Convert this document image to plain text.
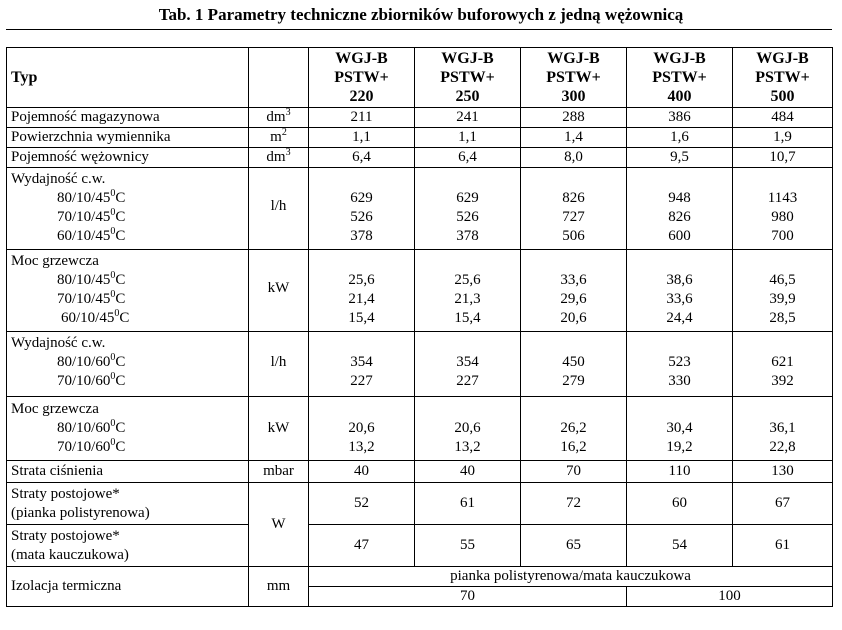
Tab. 1 Parametry techniczne zbiorników buforowych z jedną wężownicą
Typ		WGJ-B
PSTW+
220	WGJ-B
PSTW+
250	WGJ-B
PSTW+
300	WGJ-B
PSTW+
400	WGJ-B
PSTW+
500

Pojemność magazynowa	$dm^3$	211	241	288	386	484
Powierzchnia wymiennika	$m^2$	1,1	1,1	1,4	1,6	1,9
Pojemność wężownicy	$dm^3$	6,4	6,4	8,0	9,5	10,7

Wydajność c.w.
$80/10/45^0C$
$70/10/45^0C$
$60/10/45^0C$	l/h	629
526
378	629
526
378	826
727
506	948
826
600	1143
980
700

Moc grzewcza
$80/10/45^0C$
$70/10/45^0C$
$60/10/45^0C$	kW	25,6
21,4
15,4	25,6
21,3
15,4	33,6
29,6
20,6	38,6
33,6
24,4	46,5
39,9
28,5

Wydajność c.w.
$80/10/60^0C$
$70/10/60^0C$	l/h	354
227	354
227	450
279	523
330	621
392

Moc grzewcza
$80/10/60^0C$
$70/10/60^0C$	kW	20,6
13,2	20,6
13,2	26,2
16,2	30,4
19,2	36,1
22,8

Strata ciśnienia	mbar	40	40	70	110	130

Straty postojowe*
(pianka polistyrenowa)	W	52	61	72	60	67

Straty postojowe*
(mata kauczukowa)		47	55	65	54	61
Izolacja termiczna	mm	pianka polistyrenowa/mata kauczukowa				
		70			100	
